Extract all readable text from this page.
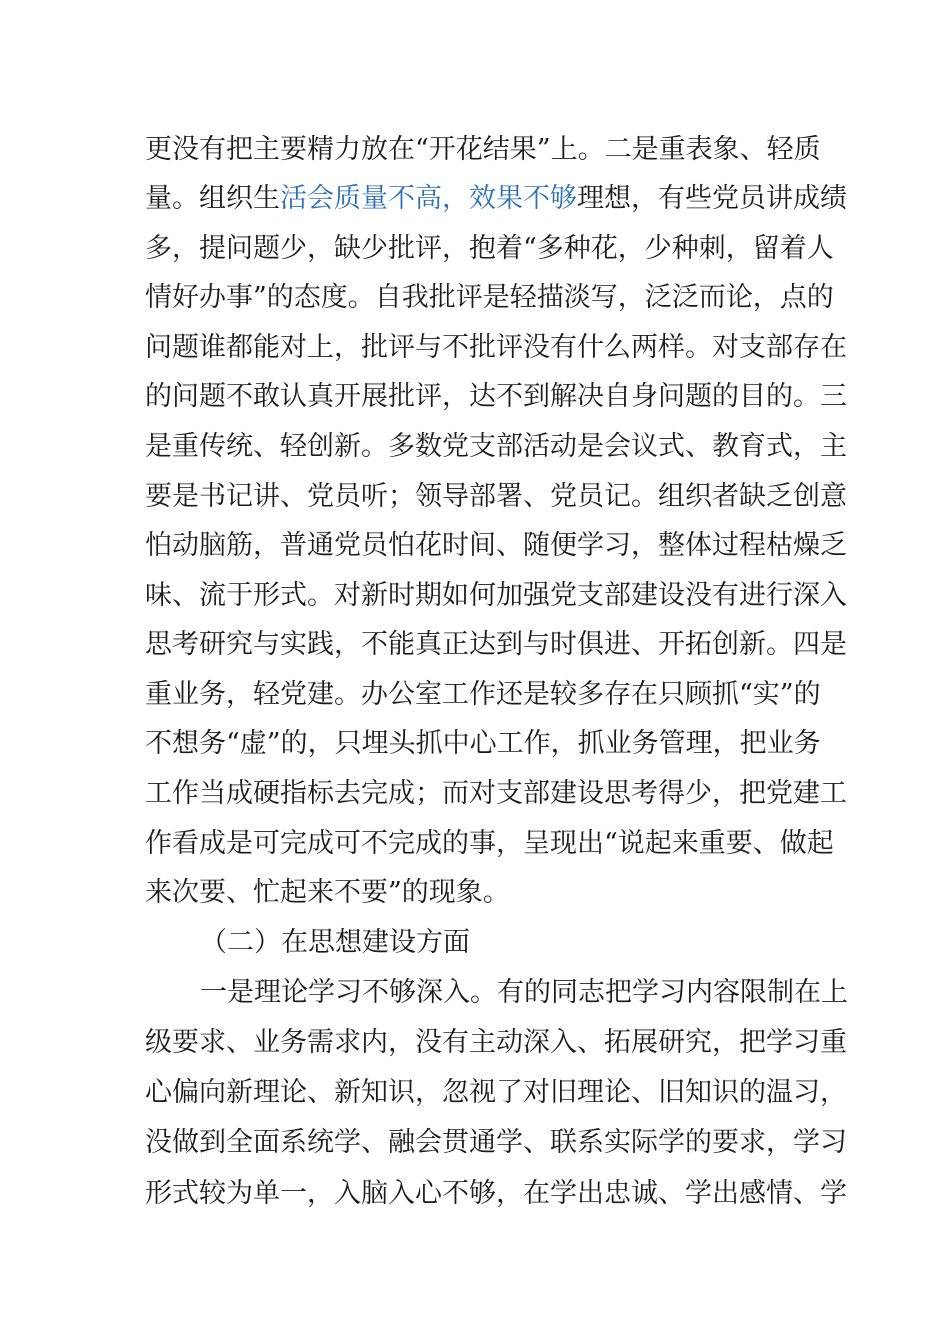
更没有把主要精力放在“开花结果”上。二是重表象、轻质
量。组织生活会质量不高，效果不够理想，有些党员讲成绩
多，提问题少，缺少批评，抱着“多种花，少种刺，留着人
情好办事”的态度。自我批评是轻描淡写，泛泛而论，点的
问题谁都能对上，批评与不批评没有什么两样。对支部存在
的问题不敢认真开展批评，达不到解决自身问题的目的。三
是重传统、轻创新。多数党支部活动是会议式、教育式，主
要是书记讲、党员听；领导部署、党员记。组织者缺乏创意
怕动脑筋，普通党员怕花时间、随便学习，整体过程枯燥乏
味、流于形式。对新时期如何加强党支部建设没有进行深入
思考研究与实践，不能真正达到与时俱进、开拓创新。四是
重业务，轻党建。办公室工作还是较多存在只顾抓“实”的
不想务“虚”的，只埋头抓中心工作，抓业务管理，把业务
工作当成硬指标去完成；而对支部建设思考得少，把党建工
作看成是可完成可不完成的事，呈现出“说起来重要、做起
来次要、忙起来不要”的现象。
（二）在思想建设方面
一是理论学习不够深入。有的同志把学习内容限制在上
级要求、业务需求内，没有主动深入、拓展研究，把学习重
心偏向新理论、新知识，忽视了对旧理论、旧知识的温习，
没做到全面系统学、融会贯通学、联系实际学的要求，学习
形式较为单一，入脑入心不够，在学出忠诚、学出感情、学
